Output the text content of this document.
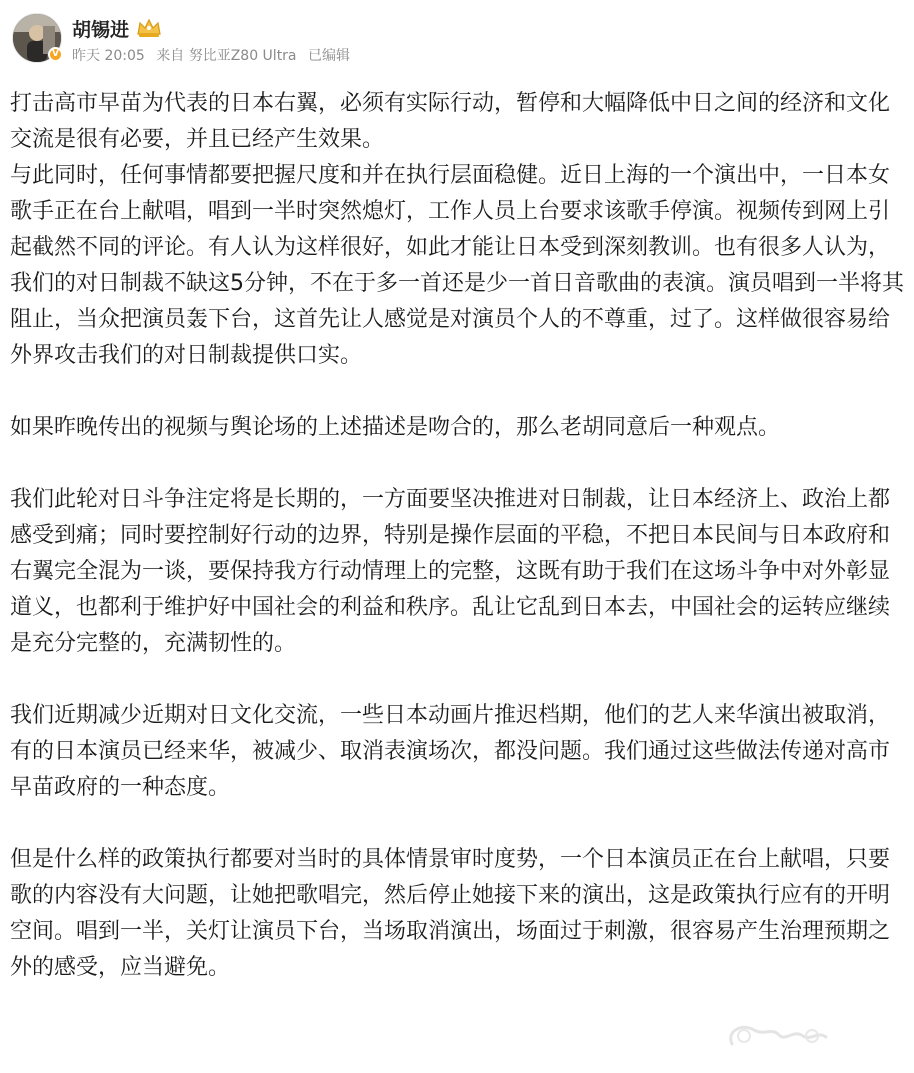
V
胡锡进
昨天 20:05 来自 努比亚Z80 Ultra 已编辑

打击高市早苗为代表的日本右翼，必须有实际行动，暂停和大幅降低中日之间的经济和文化交流是很有必要，并且已经产生效果。

与此同时，任何事情都要把握尺度和并在执行层面稳健。近日上海的一个演出中，一日本女歌手正在台上献唱，唱到一半时突然熄灯，工作人员上台要求该歌手停演。视频传到网上引起截然不同的评论。有人认为这样很好，如此才能让日本受到深刻教训。也有很多人认为，我们的对日制裁不缺这5分钟，不在于多一首还是少一首日音歌曲的表演。演员唱到一半将其阻止，当众把演员轰下台，这首先让人感觉是对演员个人的不尊重，过了。这样做很容易给外界攻击我们的对日制裁提供口实。

如果昨晚传出的视频与舆论场的上述描述是吻合的，那么老胡同意后一种观点。

我们此轮对日斗争注定将是长期的，一方面要坚决推进对日制裁，让日本经济上、政治上都感受到痛；同时要控制好行动的边界，特别是操作层面的平稳，不把日本民间与日本政府和右翼完全混为一谈，要保持我方行动情理上的完整，这既有助于我们在这场斗争中对外彰显道义，也都利于维护好中国社会的利益和秩序。乱让它乱到日本去，中国社会的运转应继续是充分完整的，充满韧性的。

我们近期减少近期对日文化交流，一些日本动画片推迟档期，他们的艺人来华演出被取消，有的日本演员已经来华，被减少、取消表演场次，都没问题。我们通过这些做法传递对高市早苗政府的一种态度。

但是什么样的政策执行都要对当时的具体情景审时度势，一个日本演员正在台上献唱，只要歌的内容没有大问题，让她把歌唱完，然后停止她接下来的演出，这是政策执行应有的开明空间。唱到一半，关灯让演员下台，当场取消演出，场面过于刺激，很容易产生治理预期之外的感受，应当避免。
